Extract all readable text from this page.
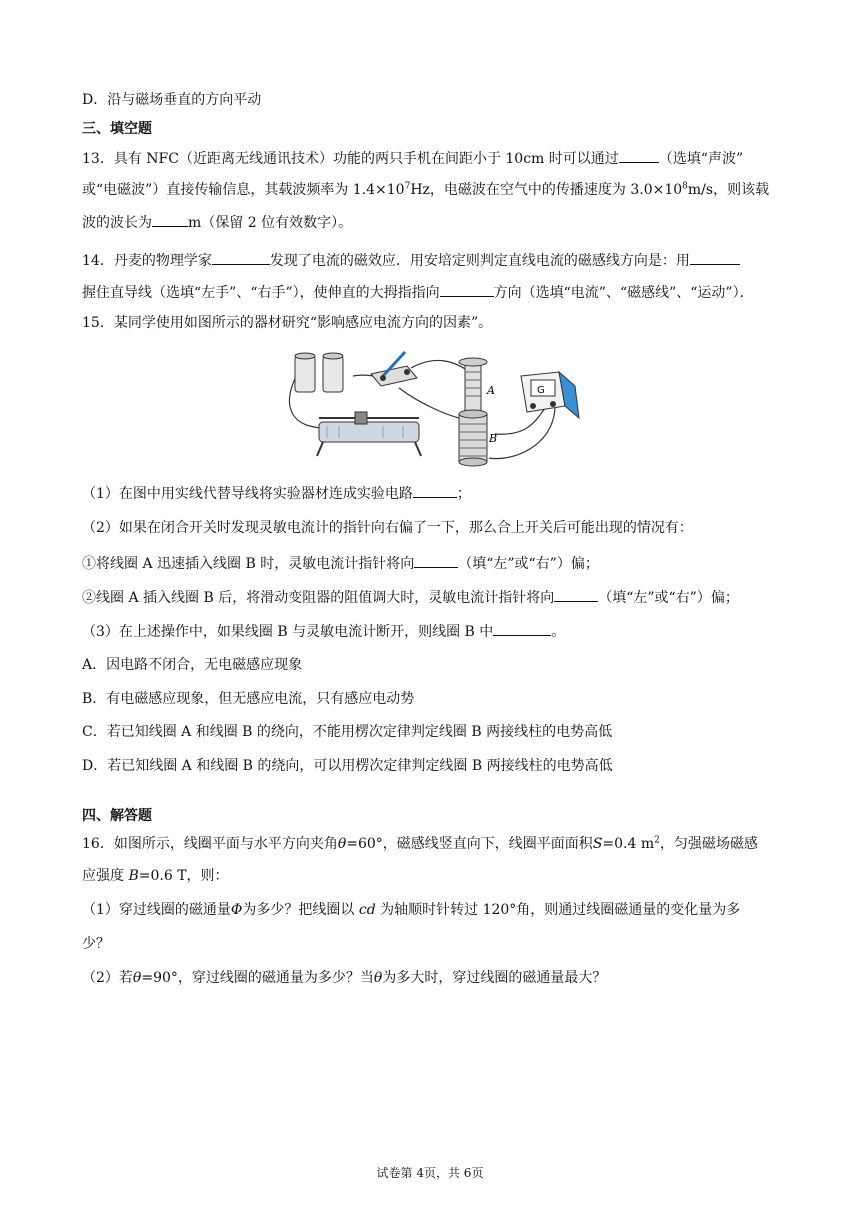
D．沿与磁场垂直的方向平动
三、填空题
13．具有 NFC（近距离无线通讯技术）功能的两只手机在间距小于 10cm 时可以通过	（选填“声波”
或“电磁波”）直接传输信息，其载波频率为 $1.4\times 10^7Hz$，电磁波在空气中的传播速度为 $3.0\times 10^8m/s$，则该载
波的波长为	m（保留 2 位有效数字）。
14．丹麦的物理学家	发现了电流的磁效应．用安培定则判定直线电流的磁感线方向是：用
握住直导线（选填“左手”、“右手”），使伸直的大拇指指向	方向（选填“电流”、“磁感线”、“运动”）．
15．某同学使用如图所示的器材研究“影响感应电流方向的因素”。
A
B
G
（1）在图中用实线代替导线将实验器材连成实验电路	；
（2）如果在闭合开关时发现灵敏电流计的指针向右偏了一下，那么合上开关后可能出现的情况有：
①将线圈 A 迅速插入线圈 B 时，灵敏电流计指针将向	（填“左”或“右”）偏；
②线圈 A 插入线圈 B 后，将滑动变阻器的阻值调大时，灵敏电流计指针将向	（填“左”或“右”）偏；
（3）在上述操作中，如果线圈 B 与灵敏电流计断开，则线圈 B 中	。
A．因电路不闭合，无电磁感应现象
B．有电磁感应现象，但无感应电流，只有感应电动势
C．若已知线圈 A 和线圈 B 的绕向，不能用楞次定律判定线圈 B 两接线柱的电势高低
D．若已知线圈 A 和线圈 B 的绕向，可以用楞次定律判定线圈 B 两接线柱的电势高低
四、解答题
16．如图所示，线圈平面与水平方向夹角θ=60°，磁感线竖直向下，线圈平面面积S=0.4 $m^2$，匀强磁场磁感
应强度 B=0.6 T，则：
（1）穿过线圈的磁通量Φ为多少？把线圈以 cd 为轴顺时针转过 120°角，则通过线圈磁通量的变化量为多
少？
（2）若θ=90°，穿过线圈的磁通量为多少？当θ为多大时，穿过线圈的磁通量最大？
试卷第 4页，共 6页
